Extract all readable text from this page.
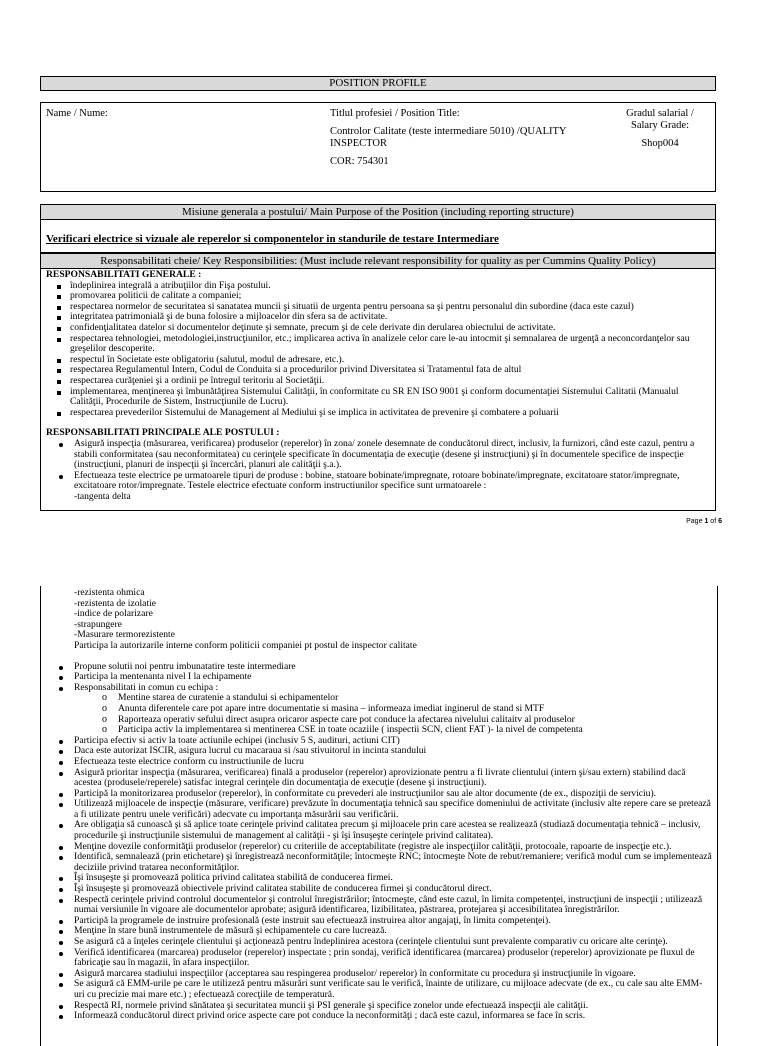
POSITION PROFILE
Name / Nume:	Titlul profesiei / Position Title:
Controlor Calitate (teste intermediare 5010) /QUALITY INSPECTOR
COR: 754301
Gradul salarial / Salary Grade:
Shop004
Misiune generala a postului/ Main Purpose of the Position (including reporting structure)
Verificari electrice si vizuale ale reperelor si componentelor in standurile de testare Intermediare
Responsabilitati cheie/ Key Responsibilities: (Must include relevant responsibility for quality as per Cummins Quality Policy)
RESPONSABILITATI GENERALE :
îndeplinirea integrală a atribuţiilor din Fişa postului.
promovarea politicii de calitate a companiei;
respectarea normelor de securitatea si sanatatea muncii şi situatii de urgenta pentru persoana sa şi pentru personalul din subordine (daca este cazul)
integritatea patrimonială şi de buna folosire a mijloacelor din sfera sa de activitate.
confidenţialitatea datelor si documentelor deţinute şi semnate, precum şi de cele derivate din derularea obiectului de activitate.
respectarea tehnologiei, metodologiei,instrucţiunilor, etc.; implicarea activa în analizele celor care le-au intocmit şi semnalarea de urgenţă a neconcordanţelor sau greşelilor descoperite.
respectul în Societate este obligatoriu (salutul, modul de adresare, etc.).
respectarea Regulamentul Intern, Codul de Conduita si a procedurilor privind Diversitatea si Tratamentul fata de altul
respectarea curăţeniei şi a ordinii pe întregul teritoriu al Societăţii.
implementarea, menţinerea şi îmbunătăţirea Sistemului Calităţii, în conformitate cu SR EN ISO 9001 şi conform documentaţiei Sistemului Calitatii (Manualul Calităţii, Procedurile de Sistem, Instrucţiunile de Lucru).
respectarea prevederilor Sistemului de Management al Mediului şi se implica in activitatea de prevenire şi combatere a poluarii
RESPONSABILITATI PRINCIPALE ALE POSTULUI :
Asigură inspecţia (măsurarea, verificarea) produselor (reperelor) în zona/ zonele desemnate de conducătorul direct, inclusiv, la furnizori, când este cazul, pentru a stabili conformitatea (sau neconformitatea) cu cerinţele specificate în documentaţia de execuţie (desene şi instrucţiuni) şi în documentele specifice de inspecţie (instrucţiuni, planuri de inspecţii şi încercări, planuri ale calităţii ş.a.).
Efectueaza teste electrice pe urmatoarele tipuri de produse : bobine, statoare bobinate/impregnate, rotoare bobinate/impregnate, excitatoare stator/impregnate, excitatoare rotor/impregnate. Testele electrice efectuate conform instructiunilor specifice sunt urmatoarele :
-tangenta delta
Page 1 of 6
-rezistenta ohmica
-rezistenta de izolatie
-indice de polarizare
-strapungere
-Masurare termorezistente
Participa la autorizarile interne conform politicii companiei pt postul de inspector calitate
Propune solutii noi pentru imbunatatire teste intermediare
Participa la mentenanta nivel I la echipamente
Responsabilitati in comun cu echipa :
o Mentine starea de curatenie a standului si echipamentelor
o Anunta diferentele care pot apare intre documentatie si masina – informeaza imediat inginerul de stand si MTF
o Raporteaza operativ sefului direct asupra oricaror aspecte care pot conduce la afectarea nivelului calitaitv al produselor
o Participa activ la implementarea si mentinerea CSE in toate ocaziile ( inspectii SCN, client FAT )- la nivel de competenta
Participa efectiv si activ la toate actiunile echipei (inclusiv 5 S, audituri, actiuni CIT)
Daca este autorizat ISCIR, asigura lucrul cu macaraua si /sau stivuitorul in incinta standului
Efectueaza teste electrice conform cu instructiunile de lucru
Asigură prioritar inspecţia (măsurarea, verificarea) finală a produselor (reperelor) aprovizionate pentru a fi livrate clientului (intern şi/sau extern) stabilind dacă acestea (produsele/reperele) satisfac integral cerinţele din documentaţia de execuţie (desene şi instrucţiuni).
Participă la monitorizarea produselor (reperelor), în conformitate cu prevederi ale instrucţiunilor sau ale altor documente (de ex., dispoziţii de serviciu).
Utilizează mijloacele de inspecţie (măsurare, verificare) prevăzute în documentaţia tehnică sau specifice domeniului de activitate (inclusiv alte repere care se pretează a fi utilizate pentru unele verificări) adecvate cu importanţa măsurării sau verificării.
Are obligaţia să cunoască şi să aplice toate cerinţele privind calitatea precum şi mijloacele prin care acestea se realizează (studiază documentaţia tehnică – inclusiv, procedurile şi instrucţiunile sistemului de management al calităţii - şi îşi însuşeşte cerinţele privind calitatea).
Menţine dovezile conformităţii produselor (reperelor) cu criteriile de acceptabilitate (registre ale inspecţiilor calităţii, protocoale, rapoarte de inspecţie etc.).
Identifică, semnalează (prin etichetare) şi înregistrează neconformităţile; întocmeşte RNC; întocmeşte Note de rebut/remaniere; verifică modul cum se implementează deciziile privind tratarea neconformităţilor.
Îşi însuşeşte şi promovează politica privind calitatea stabilită de conducerea firmei.
Îşi însuşeşte şi promovează obiectivele privind calitatea stabilite de conducerea firmei şi conducătorul direct.
Respectă cerinţele privind controlul documentelor şi controlul înregistrărilor; întocmeşte, când este cazul, în limita competenţei, instrucţiuni de inspecţii ; utilizează numai versiunile în vigoare ale documentelor aprobate; asigură identificarea, lizibilitatea, păstrarea, protejarea şi accesibilitatea înregistrărilor.
Participă la programele de instruire profesională (este instruit sau efectuează instruirea altor angajaţi, în limita competenţei).
Menţine în stare bună instrumentele de măsură şi echipamentele cu care lucrează.
Se asigură că a înţeles cerinţele clientului şi acţionează pentru îndeplinirea acestora (cerinţele clientului sunt prevalente comparativ cu oricare alte cerinţe).
Verifică identificarea (marcarea) produselor (reperelor) inspectate ; prin sondaj, verifică identificarea (marcarea) produselor (reperelor) aprovizionate pe fluxul de fabricaţie sau în magazii, în afara inspecţiilor.
Asigură marcarea stadiului inspecţiilor (acceptarea sau respingerea produselor/ reperelor) în conformitate cu procedura şi instrucţiunile în vigoare.
Se asigură că EMM-urile pe care le utilizeză pentru măsurări sunt verificate sau le verifică, înainte de utilizare, cu mijloace adecvate (de ex., cu cale sau alte EMM-uri cu precizie mai mare etc.) ; efectuează corecţiile de temperatură.
Respectă RI, normele privind sănătatea şi securitatea muncii şi PSI generale şi specifice zonelor unde efectuează inspecţii ale calităţii.
Informează conducătorul direct privind orice aspecte care pot conduce la neconformităţi ; dacă este cazul, informarea se face în scris.
